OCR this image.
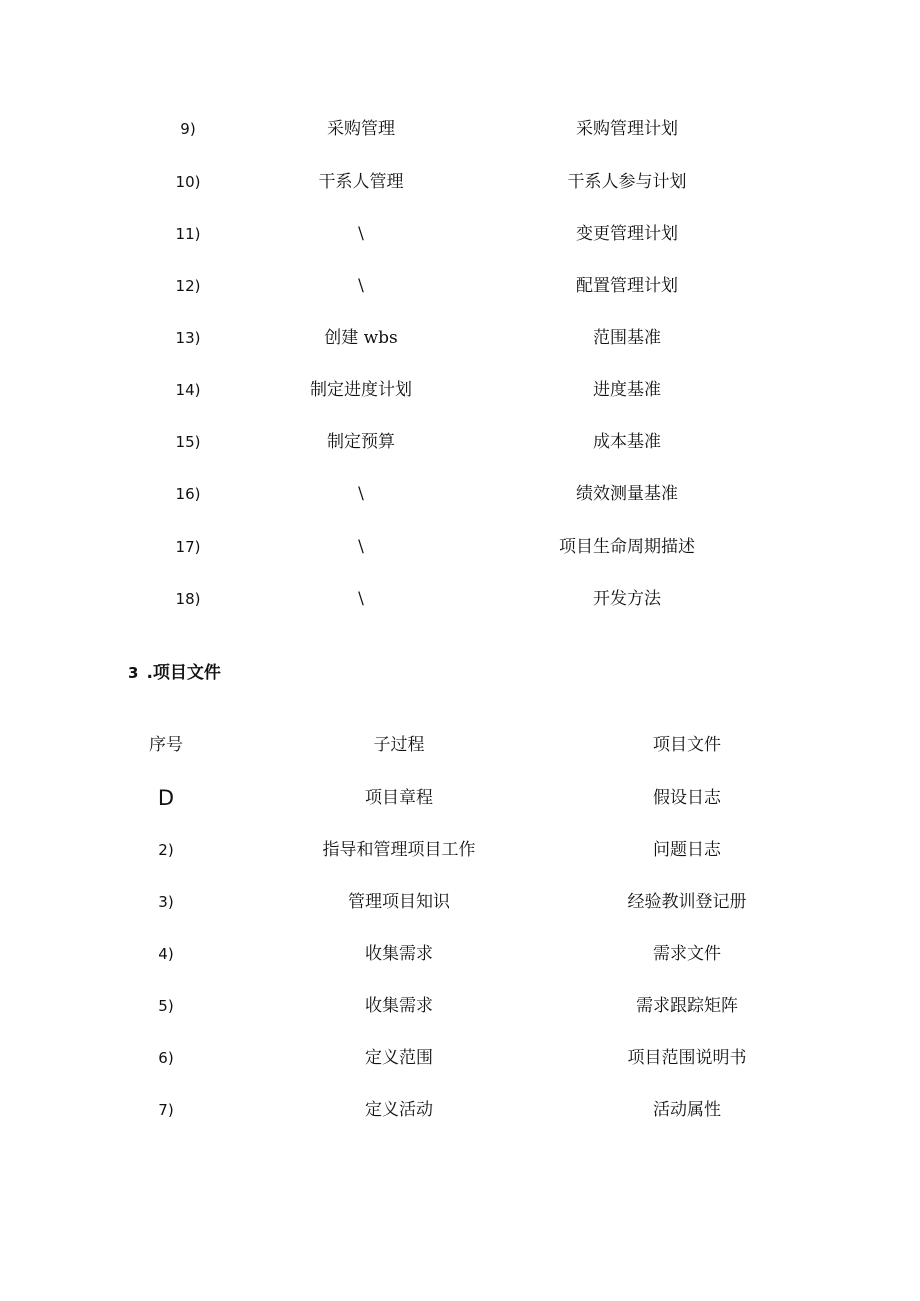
9)	采购管理	采购管理计划
10)	干系人管理	干系人参与计划
11)	\	变更管理计划
12)	\	配置管理计划
13)	创建 wbs	范围基准
14)	制定进度计划	进度基准
15)	制定预算	成本基准
16)	\	绩效测量基准
17)	\	项目生命周期描述
18)	\	开发方法
3 .项目文件
序号	子过程	项目文件
D	项目章程	假设日志
2)	指导和管理项目工作	问题日志
3)	管理项目知识	经验教训登记册
4)	收集需求	需求文件
5)	收集需求	需求跟踪矩阵
6)	定义范围	项目范围说明书
7)	定义活动	活动属性
